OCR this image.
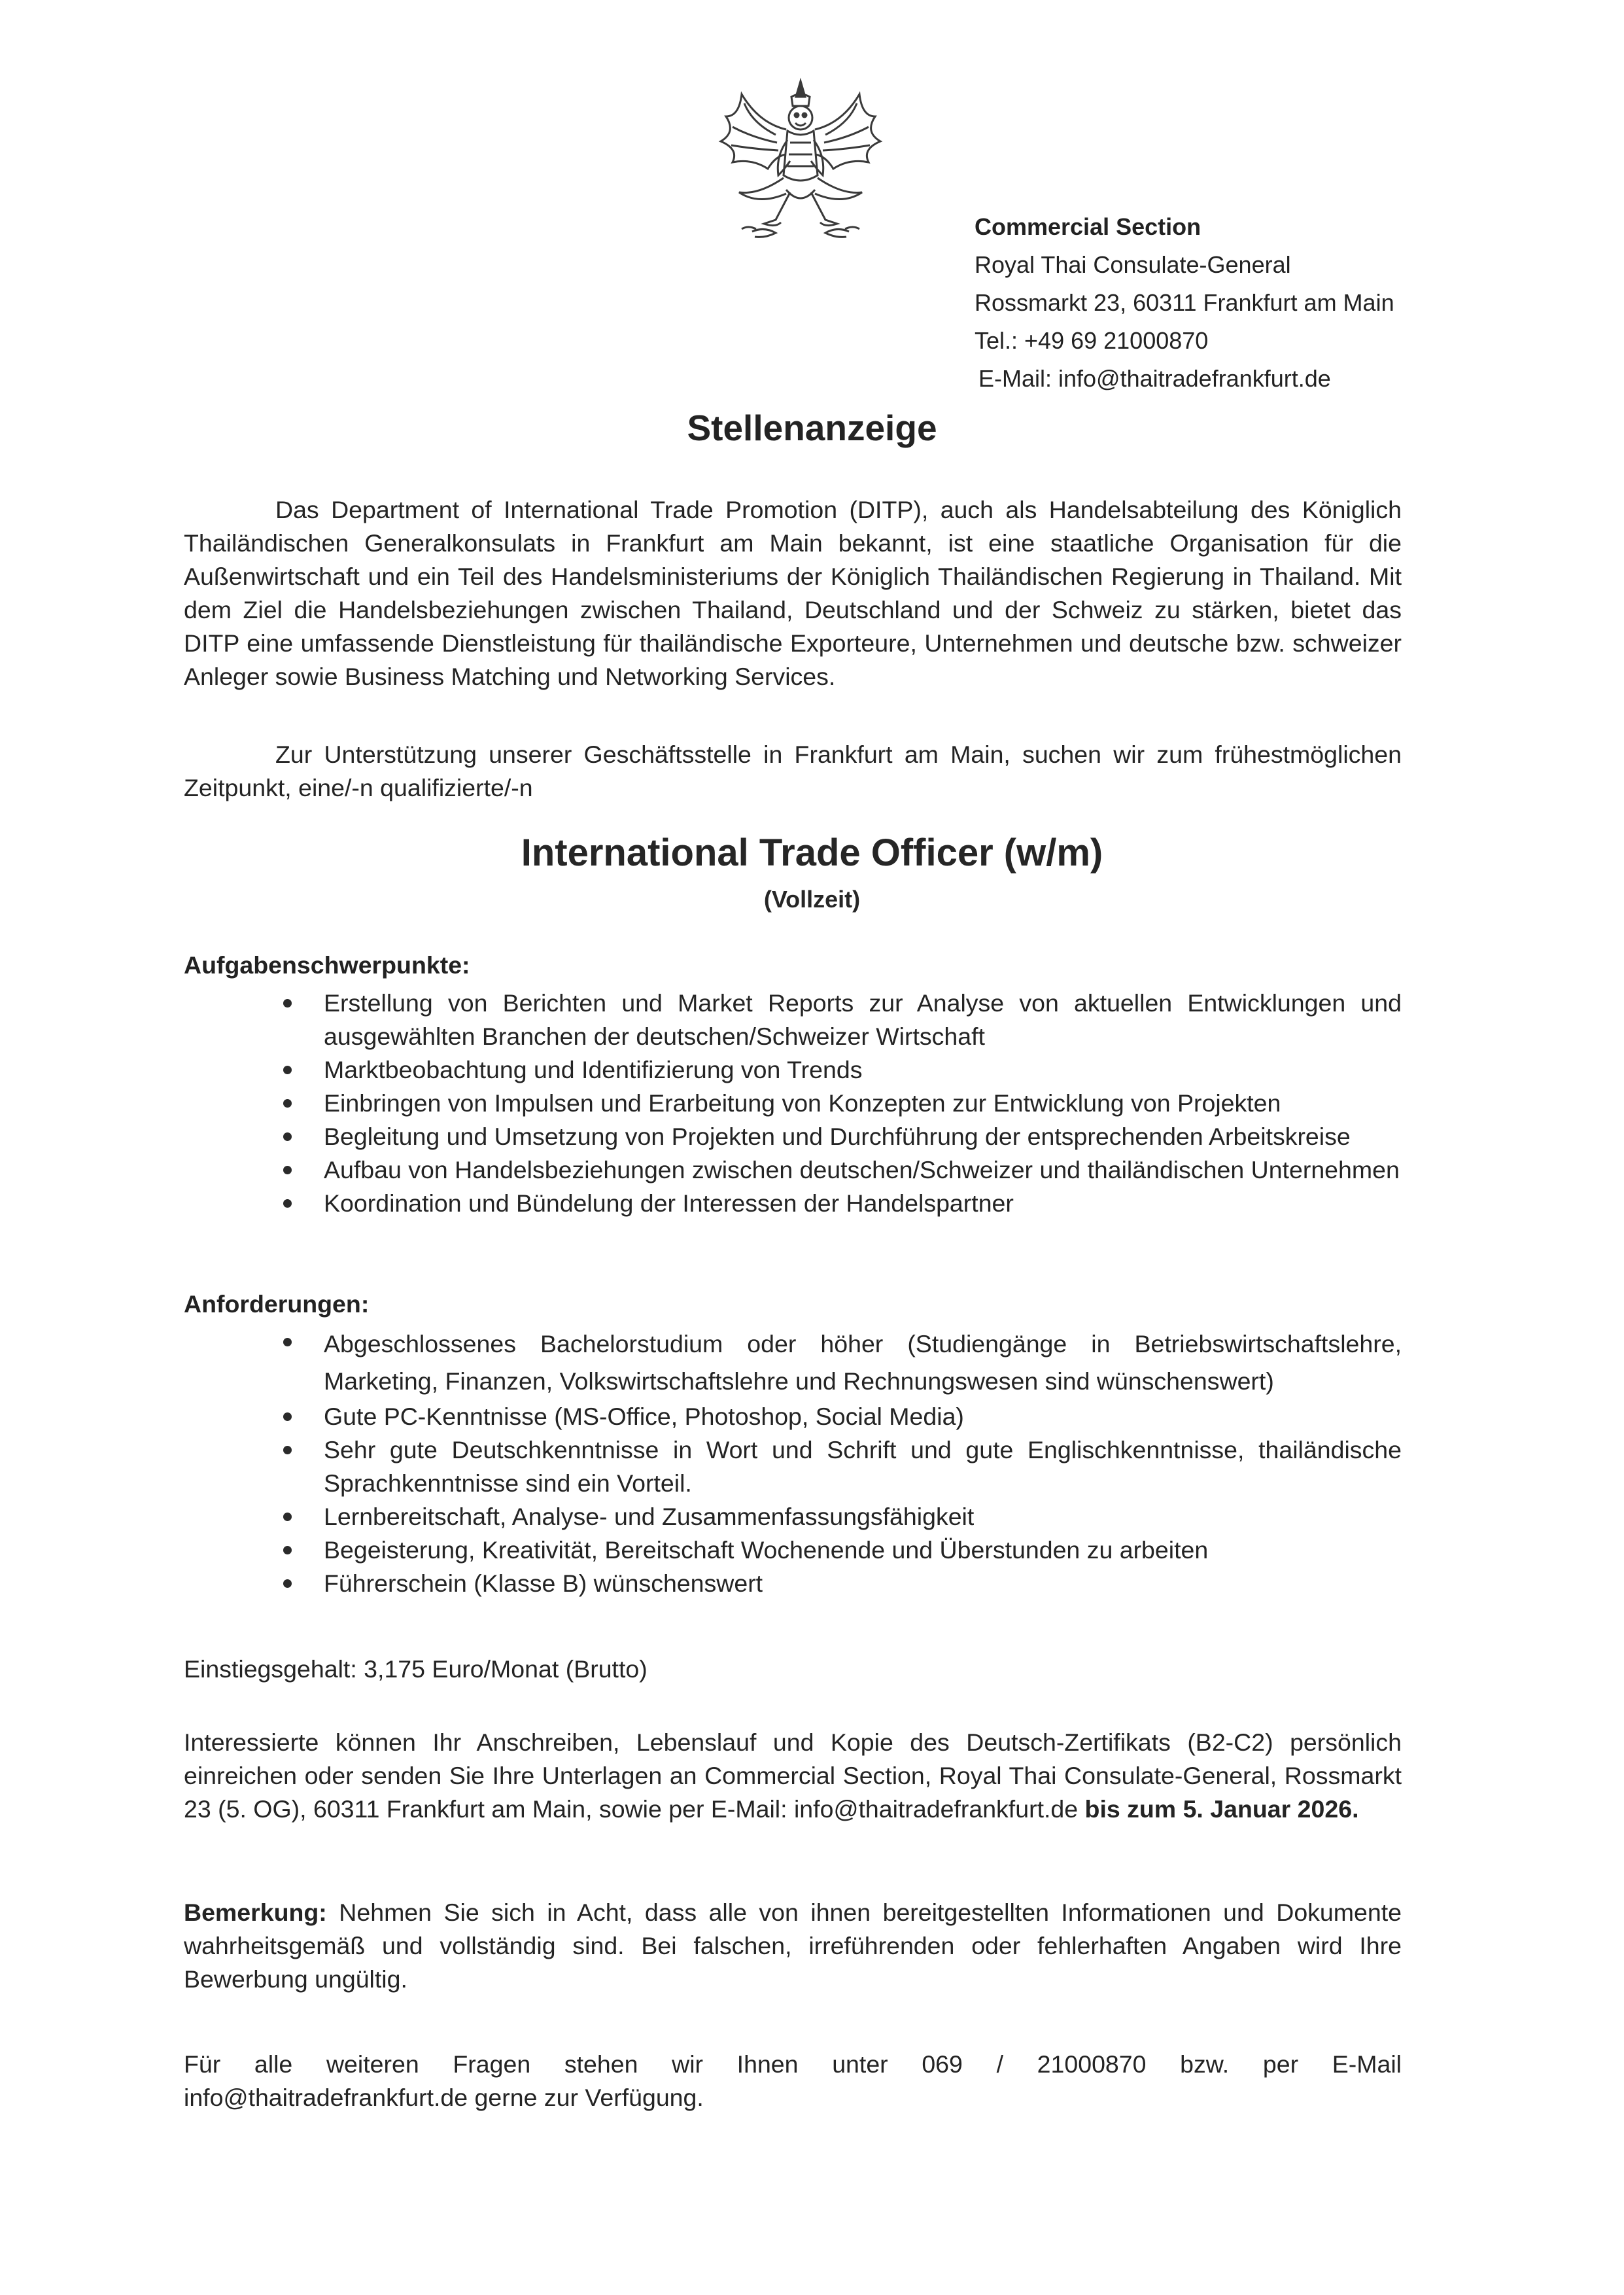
Commercial Section
Royal Thai Consulate-General
Rossmarkt 23, 60311 Frankfurt am Main
Tel.: +49 69 21000870
E-Mail: info@thaitradefrankfurt.de
Stellenanzeige

Das Department of International Trade Promotion (DITP), auch als Handelsabteilung des Königlich Thailändischen Generalkonsulats in Frankfurt am Main bekannt, ist eine staatliche Organisation für die Außenwirtschaft und ein Teil des Handelsministeriums der Königlich Thailändischen Regierung in Thailand. Mit dem Ziel die Handelsbeziehungen zwischen Thailand, Deutschland und der Schweiz zu stärken, bietet das DITP eine umfassende Dienstleistung für thailändische Exporteure, Unternehmen und deutsche bzw. schweizer Anleger sowie Business Matching und Networking Services.

Zur Unterstützung unserer Geschäftsstelle in Frankfurt am Main, suchen wir zum frühestmöglichen Zeitpunkt, eine/-n qualifizierte/-n

International Trade Officer (w/m)
(Vollzeit)
Aufgabenschwerpunkte:
Erstellung von Berichten und Market Reports zur Analyse von aktuellen Entwicklungen und ausgewählten Branchen der deutschen/Schweizer Wirtschaft
Marktbeobachtung und Identifizierung von Trends
Einbringen von Impulsen und Erarbeitung von Konzepten zur Entwicklung von Projekten
Begleitung und Umsetzung von Projekten und Durchführung der entsprechenden Arbeitskreise
Aufbau von Handelsbeziehungen zwischen deutschen/Schweizer und thailändischen Unternehmen
Koordination und Bündelung der Interessen der Handelspartner
Anforderungen:
Abgeschlossenes Bachelorstudium oder höher (Studiengänge in Betriebswirtschaftslehre, Marketing, Finanzen, Volkswirtschaftslehre und Rechnungswesen sind wünschenswert)
Gute PC-Kenntnisse (MS-Office, Photoshop, Social Media)
Sehr gute Deutschkenntnisse in Wort und Schrift und gute Englischkenntnisse, thailändische Sprachkenntnisse sind ein Vorteil.
Lernbereitschaft, Analyse- und Zusammenfassungsfähigkeit
Begeisterung, Kreativität, Bereitschaft Wochenende und Überstunden zu arbeiten
Führerschein (Klasse B) wünschenswert

Einstiegsgehalt: 3,175 Euro/Monat (Brutto)

Interessierte können Ihr Anschreiben, Lebenslauf und Kopie des Deutsch-Zertifikats (B2-C2) persönlich einreichen oder senden Sie Ihre Unterlagen an Commercial Section, Royal Thai Consulate-General, Rossmarkt 23 (5. OG), 60311 Frankfurt am Main, sowie per E-Mail: info@thaitradefrankfurt.de bis zum 5. Januar 2026.

Bemerkung: Nehmen Sie sich in Acht, dass alle von ihnen bereitgestellten Informationen und Dokumente wahrheitsgemäß und vollständig sind. Bei falschen, irreführenden oder fehlerhaften Angaben wird Ihre Bewerbung ungültig.

Für alle weiteren Fragen stehen wir Ihnen unter 069 / 21000870 bzw. per E-Mail
info@thaitradefrankfurt.de gerne zur Verfügung.
